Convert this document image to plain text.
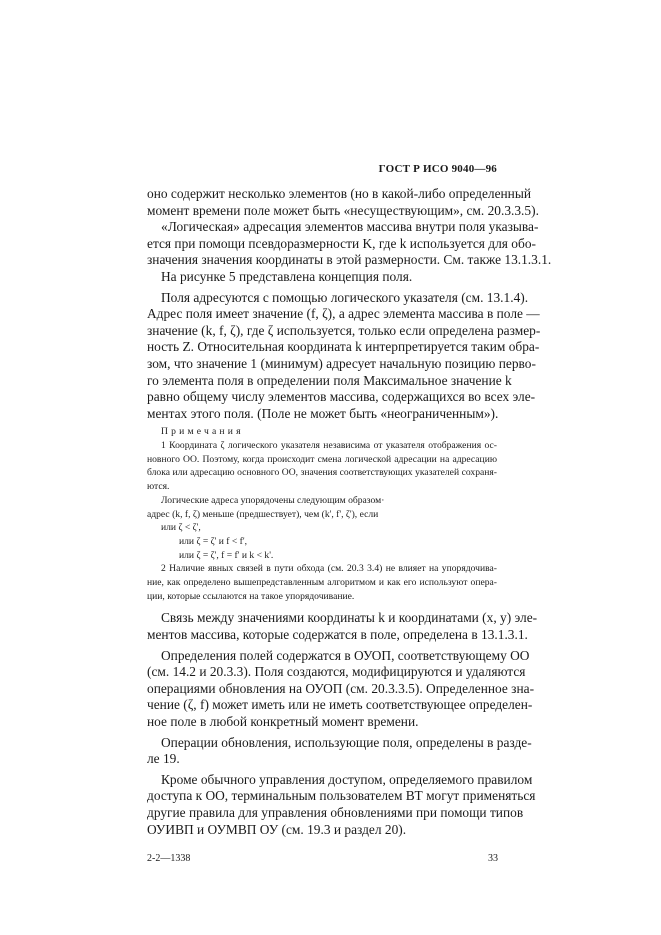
ГОСТ Р ИСО 9040—96
оно содержит несколько элементов (но в какой-либо определенный
момент времени поле может быть «несуществующим», см. 20.3.3.5).
«Логическая» адресация элементов массива внутри поля указыва-
ется при помощи псевдоразмерности K, где k используется для обо-
значения значения координаты в этой размерности. См. также 13.1.3.1.
На рисунке 5 представлена концепция поля.
Поля адресуются с помощью логического указателя (см. 13.1.4).
Адрес поля имеет значение (f, ζ), а адрес элемента массива в поле —
значение (k, f, ζ), где ζ используется, только если определена размер-
ность Z. Относительная координата k интерпретируется таким обра-
зом, что значение 1 (минимум) адресует начальную позицию перво-
го элемента поля в определении поля Максимальное значение k
равно общему числу элементов массива, содержащихся во всех эле-
ментах этого поля. (Поле не может быть «неограниченным»).
Примечания
1 Координата ζ логического указателя независима от указателя отображения ос-
новного ОО. Поэтому, когда происходит смена логической адресации на адресацию
блока или адресацию основного ОО, значения соответствующих указателей сохраня-
ются.
Логические адреса упорядочены следующим образом·
адрес (k, f, ζ) меньше (предшествует), чем (k', f', ζ'), если
или ζ < ζ',
или ζ = ζ' и f < f',
или ζ = ζ', f = f' и k < k'.
2 Наличие явных связей в пути обхода (см. 20.3 3.4) не влияет на упорядочива-
ние, как определено вышепредставленным алгоритмом и как его используют опера-
ции, которые ссылаются на такое упорядочивание.
Связь между значениями координаты k и координатами (x, y) эле-
ментов массива, которые содержатся в поле, определена в 13.1.3.1.
Определения полей содержатся в ОУОП, соответствующему ОО
(см. 14.2 и 20.3.3). Поля создаются, модифицируются и удаляются
операциями обновления на ОУОП (см. 20.3.3.5). Определенное зна-
чение (ζ, f) может иметь или не иметь соответствующее определен-
ное поле в любой конкретный момент времени.
Операции обновления, использующие поля, определены в разде-
ле 19.
Кроме обычного управления доступом, определяемого правилом
доступа к ОО, терминальным пользователем ВТ могут применяться
другие правила для управления обновлениями при помощи типов
ОУИВП и ОУМВП ОУ (см. 19.3 и раздел 20).
2-2—1338	33
